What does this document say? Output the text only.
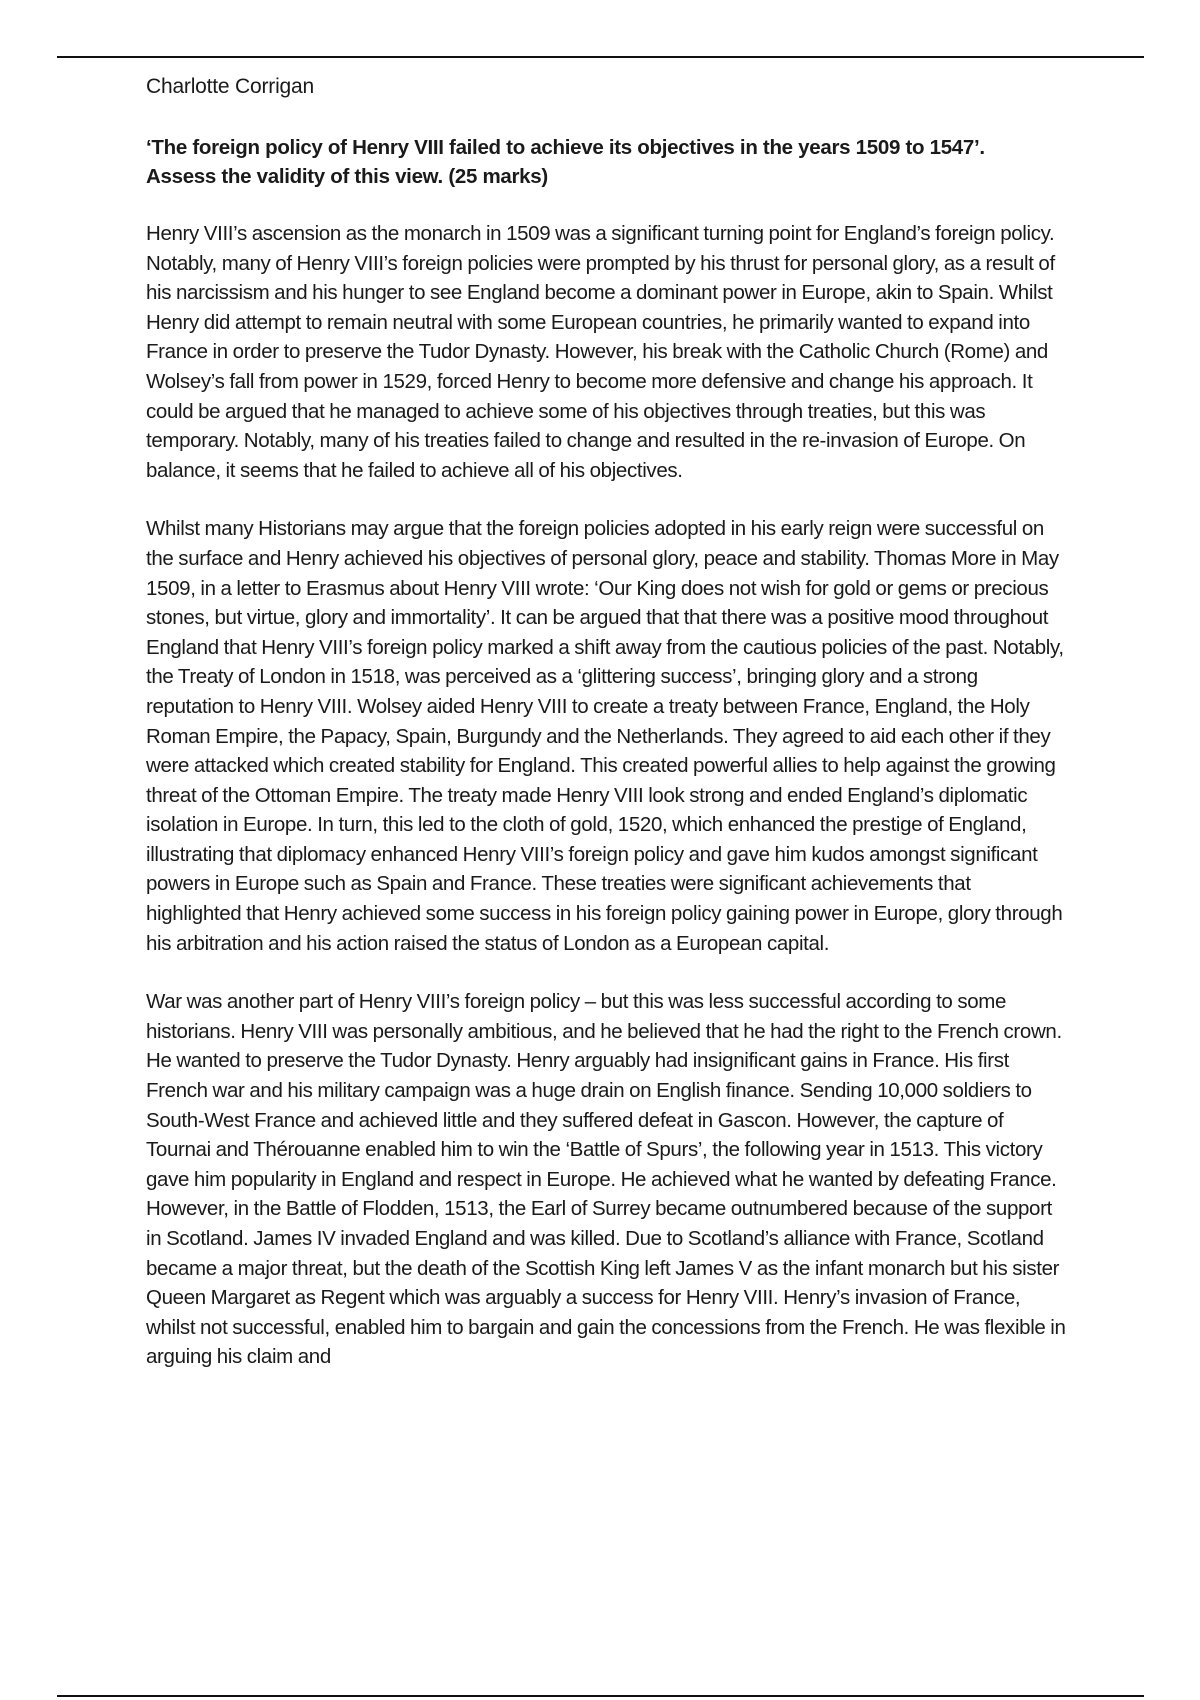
Charlotte Corrigan
‘The foreign policy of Henry VIII failed to achieve its objectives in the years 1509 to 1547’.
Assess the validity of this view. (25 marks)

Henry VIII’s ascension as the monarch in 1509 was a significant turning point for England’s foreign policy. Notably, many of Henry VIII’s foreign policies were prompted by his thrust for personal glory, as a result of his narcissism and his hunger to see England become a dominant power in Europe, akin to Spain. Whilst Henry did attempt to remain neutral with some European countries, he primarily wanted to expand into France in order to preserve the Tudor Dynasty. However, his break with the Catholic Church (Rome) and Wolsey’s fall from power in 1529, forced Henry to become more defensive and change his approach. It could be argued that he managed to achieve some of his objectives through treaties, but this was temporary. Notably, many of his treaties failed to change and resulted in the re-invasion of Europe. On balance, it seems that he failed to achieve all of his objectives.

Whilst many Historians may argue that the foreign policies adopted in his early reign were successful on the surface and Henry achieved his objectives of personal glory, peace and stability. Thomas More in May 1509, in a letter to Erasmus about Henry VIII wrote: ‘Our King does not wish for gold or gems or precious stones, but virtue, glory and immortality’. It can be argued that that there was a positive mood throughout England that Henry VIII’s foreign policy marked a shift away from the cautious policies of the past. Notably, the Treaty of London in 1518, was perceived as a ‘glittering success’, bringing glory and a strong reputation to Henry VIII. Wolsey aided Henry VIII to create a treaty between France, England, the Holy Roman Empire, the Papacy, Spain, Burgundy and the Netherlands. They agreed to aid each other if they were attacked which created stability for England. This created powerful allies to help against the growing threat of the Ottoman Empire. The treaty made Henry VIII look strong and ended England’s diplomatic isolation in Europe. In turn, this led to the cloth of gold, 1520, which enhanced the prestige of England, illustrating that diplomacy enhanced Henry VIII’s foreign policy and gave him kudos amongst significant powers in Europe such as Spain and France. These treaties were significant achievements that highlighted that Henry achieved some success in his foreign policy gaining power in Europe, glory through his arbitration and his action raised the status of London as a European capital.

War was another part of Henry VIII’s foreign policy – but this was less successful according to some historians. Henry VIII was personally ambitious, and he believed that he had the right to the French crown. He wanted to preserve the Tudor Dynasty. Henry arguably had insignificant gains in France. His first French war and his military campaign was a huge drain on English finance. Sending 10,000 soldiers to South-West France and achieved little and they suffered defeat in Gascon. However, the capture of Tournai and Thérouanne enabled him to win the ‘Battle of Spurs’, the following year in 1513. This victory gave him popularity in England and respect in Europe. He achieved what he wanted by defeating France. However, in the Battle of Flodden, 1513, the Earl of Surrey became outnumbered because of the support in Scotland. James IV invaded England and was killed. Due to Scotland’s alliance with France, Scotland became a major threat, but the death of the Scottish King left James V as the infant monarch but his sister Queen Margaret as Regent which was arguably a success for Henry VIII. Henry’s invasion of France, whilst not successful, enabled him to bargain and gain the concessions from the French. He was flexible in arguing his claim and
